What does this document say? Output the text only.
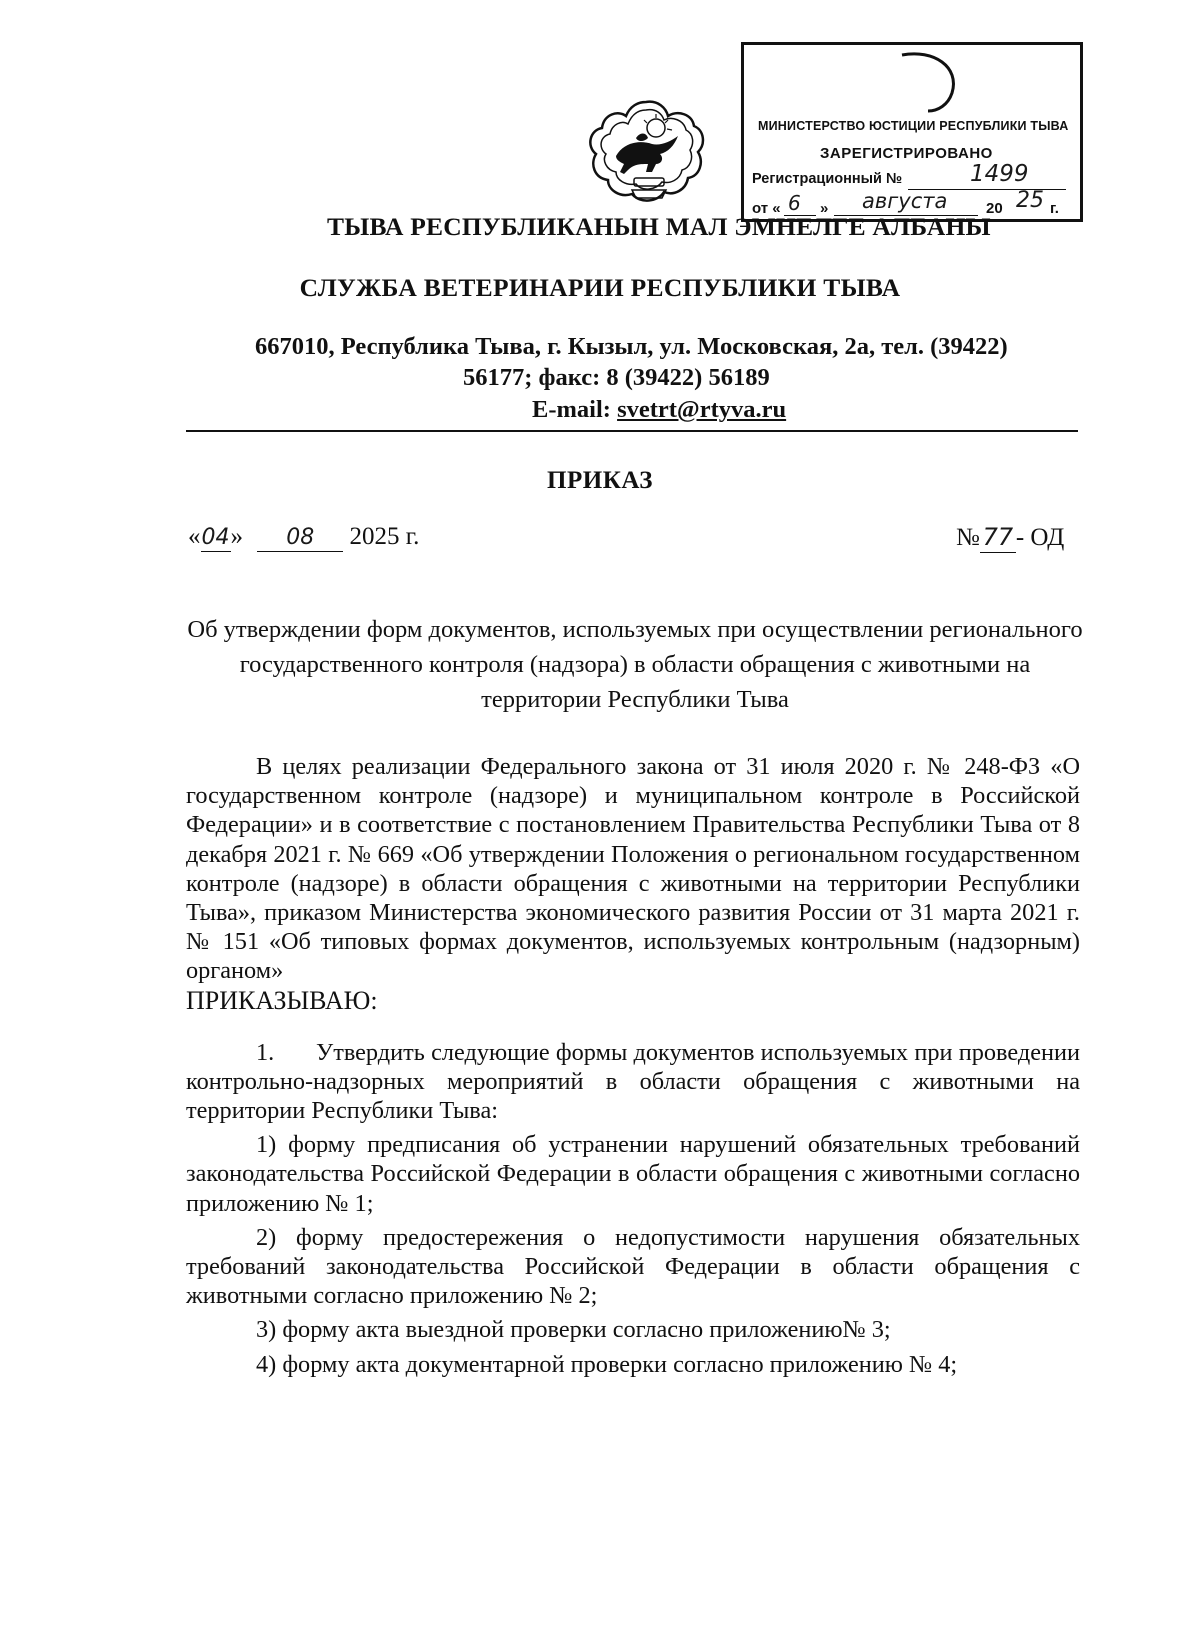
МИНИСТЕРСТВО ЮСТИЦИИ РЕСПУБЛИКИ ТЫВА
ЗАРЕГИСТРИРОВАНО
Регистрационный №	1499
от « 6 » августа	20 25 г.
ТЫВА РЕСПУБЛИКАНЫН МАЛ ЭМНЕЛГЕ АЛБАНЫ
СЛУЖБА ВЕТЕРИНАРИИ РЕСПУБЛИКИ ТЫВА
667010, Республика Тыва, г. Кызыл, ул. Московская, 2а, тел. (39422)
56177; факс: 8 (39422) 56189
E-mail: svetrt@rtyva.ru
ПРИКАЗ
«04» 08 2025 г.	№ 77 - ОД
Об утверждении форм документов, используемых при осуществлении регионального государственного контроля (надзора) в области обращения с животными на территории Республики Тыва

В целях реализации Федерального закона от 31 июля 2020 г. № 248-ФЗ «О государственном контроле (надзоре) и муниципальном контроле в Российской Федерации» и в соответствие с постановлением Правительства Республики Тыва от 8 декабря 2021 г. № 669 «Об утверждении Положения о региональном государственном контроле (надзоре) в области обращения с животными на территории Республики Тыва», приказом Министерства экономического развития России от 31 марта 2021 г. № 151 «Об типовых формах документов, используемых контрольным (надзорным) органом»

ПРИКАЗЫВАЮ:

1. Утвердить следующие формы документов используемых при проведении контрольно-надзорных мероприятий в области обращения с животными на территории Республики Тыва:

1) форму предписания об устранении нарушений обязательных требований законодательства Российской Федерации в области обращения с животными согласно приложению № 1;

2) форму предостережения о недопустимости нарушения обязательных требований законодательства Российской Федерации в области обращения с животными согласно приложению № 2;

3) форму акта выездной проверки согласно приложению№ 3;

4) форму акта документарной проверки согласно приложению № 4;
